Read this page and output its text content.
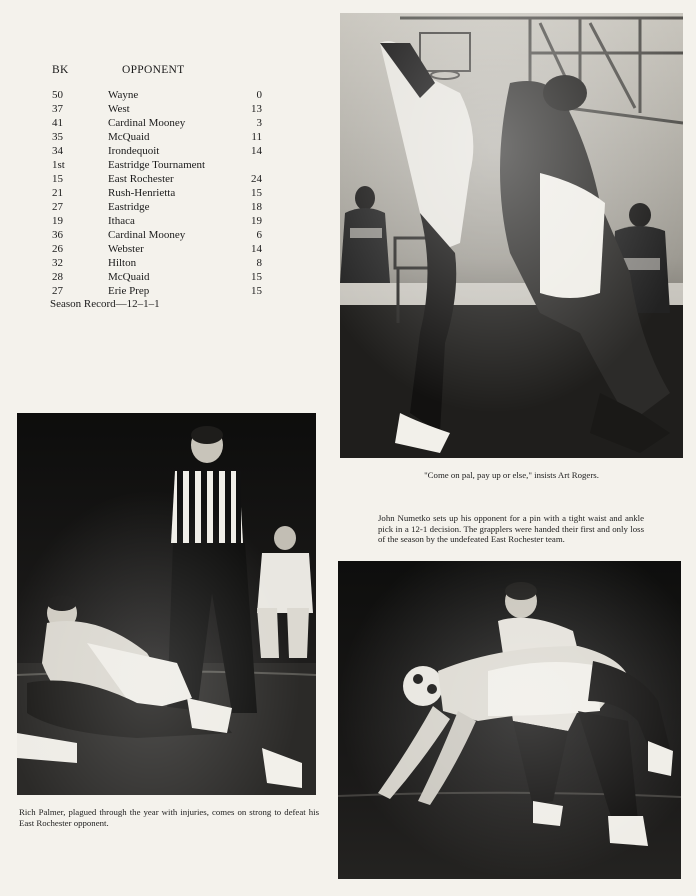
BK	OPPONENT
50	Wayne	0
37	West	13
41	Cardinal Mooney	3
35	McQuaid	11
34	Irondequoit	14
1st	Eastridge Tournament
15	East Rochester	24
21	Rush-Henrietta	15
27	Eastridge	18
19	Ithaca	19
36	Cardinal Mooney	6
26	Webster	14
32	Hilton	8
28	McQuaid	15
27	Erie Prep	15
Season Record—12–1–1
"Come on pal, pay up or else," insists Art Rogers.
John Numetko sets up his opponent for a pin with a tight waist and ankle pick in a 12-1 decision. The grapplers were handed their first and only loss of the season by the undefeated East Rochester team.
Rich Palmer, plagued through the year with injuries, comes on strong to defeat his East Rochester opponent.
